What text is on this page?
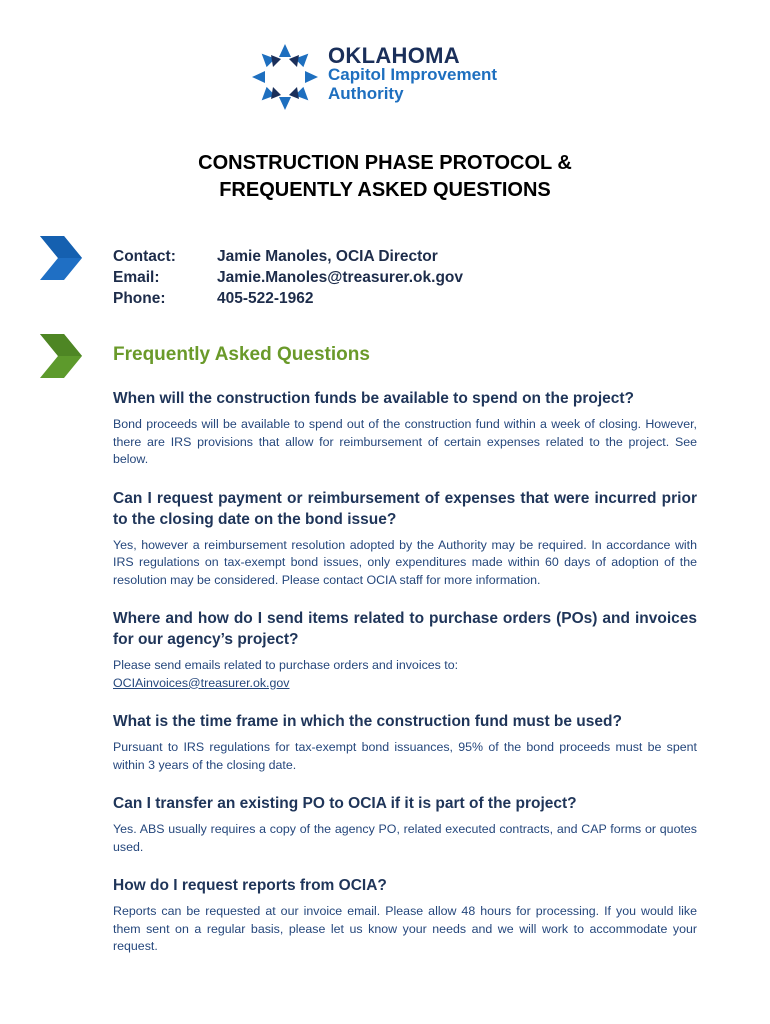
OKLAHOMA
Capitol Improvement
Authority
CONSTRUCTION PHASE PROTOCOL &
FREQUENTLY ASKED QUESTIONS
Contact:	Jamie Manoles, OCIA Director
Email:	Jamie.Manoles@treasurer.ok.gov
Phone:	405-522-1962
Frequently Asked Questions

When will the construction funds be available to spend on the project?

Bond proceeds will be available to spend out of the construction fund within a week of closing. However, there are IRS provisions that allow for reimbursement of certain expenses related to the project. See below.

Can I request payment or reimbursement of expenses that were incurred prior to the closing date on the bond issue?

Yes, however a reimbursement resolution adopted by the Authority may be required. In accordance with IRS regulations on tax-exempt bond issues, only expenditures made within 60 days of adoption of the resolution may be considered. Please contact OCIA staff for more information.

Where and how do I send items related to purchase orders (POs) and invoices for our agency’s project?

Please send emails related to purchase orders and invoices to:
OCIAinvoices@treasurer.ok.gov

What is the time frame in which the construction fund must be used?

Pursuant to IRS regulations for tax-exempt bond issuances, 95% of the bond proceeds must be spent within 3 years of the closing date.

Can I transfer an existing PO to OCIA if it is part of the project?

Yes. ABS usually requires a copy of the agency PO, related executed contracts, and CAP forms or quotes used.

How do I request reports from OCIA?

Reports can be requested at our invoice email. Please allow 48 hours for processing. If you would like them sent on a regular basis, please let us know your needs and we will work to accommodate your request.
